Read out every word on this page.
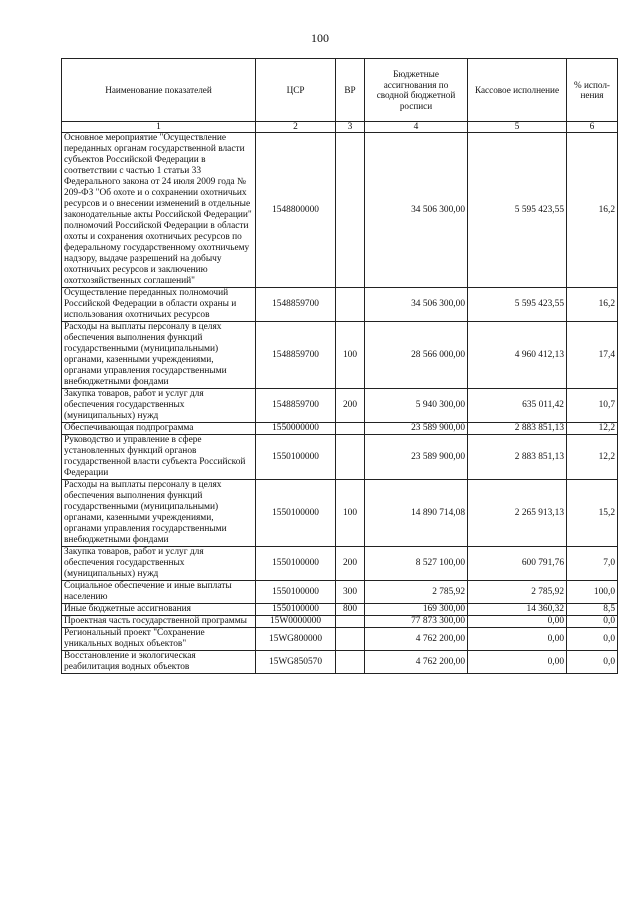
100
Наименование показателей	ЦСР	ВР	Бюджетные ассигнования по сводной бюджетной росписи	Кассовое исполнение	% испол-нения
1	2	3	4	5	6
Основное мероприятие "Осуществление переданных органам государственной власти субъектов Российской Федерации в соответствии с частью 1 статьи 33 Федерального закона от 24 июля 2009 года № 209-ФЗ "Об охоте и о сохранении охотничьих ресурсов и о внесении изменений в отдельные законодательные акты Российской Федерации" полномочий Российской Федерации в области охоты и сохранения охотничьих ресурсов по федеральному государственному охотничьему надзору, выдаче разрешений на добычу охотничьих ресурсов и заключению охотхозяйственных соглашений"	1548800000		34 506 300,00	5 595 423,55	16,2
Осуществление переданных полномочий Российской Федерации в области охраны и использования охотничьих ресурсов	1548859700		34 506 300,00	5 595 423,55	16,2
Расходы на выплаты персоналу в целях обеспечения выполнения функций государственными (муниципальными) органами, казенными учреждениями, органами управления государственными внебюджетными фондами	1548859700	100	28 566 000,00	4 960 412,13	17,4
Закупка товаров, работ и услуг для обеспечения государственных (муниципальных) нужд	1548859700	200	5 940 300,00	635 011,42	10,7
Обеспечивающая подпрограмма	1550000000		23 589 900,00	2 883 851,13	12,2
Руководство и управление в сфере установленных функций органов государственной власти субъекта Российской Федерации	1550100000		23 589 900,00	2 883 851,13	12,2
Расходы на выплаты персоналу в целях обеспечения выполнения функций государственными (муниципальными) органами, казенными учреждениями, органами управления государственными внебюджетными фондами	1550100000	100	14 890 714,08	2 265 913,13	15,2
Закупка товаров, работ и услуг для обеспечения государственных (муниципальных) нужд	1550100000	200	8 527 100,00	600 791,76	7,0
Социальное обеспечение и иные выплаты населению	1550100000	300	2 785,92	2 785,92	100,0
Иные бюджетные ассигнования	1550100000	800	169 300,00	14 360,32	8,5
Проектная часть государственной программы	15W0000000		77 873 300,00	0,00	0,0
Региональный проект "Сохранение уникальных водных объектов"	15WG800000		4 762 200,00	0,00	0,0
Восстановление и экологическая реабилитация водных объектов	15WG850570		4 762 200,00	0,00	0,0
